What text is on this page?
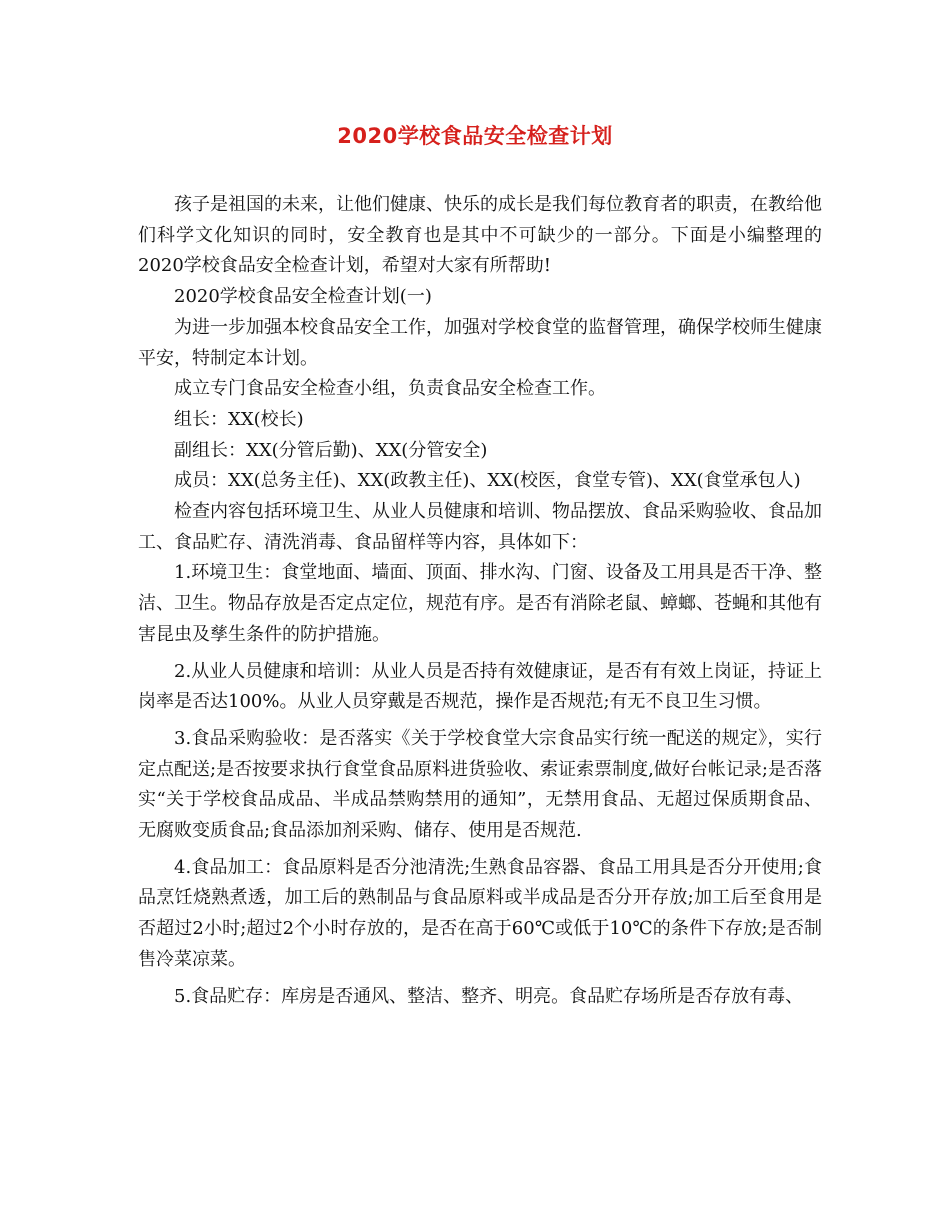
2020学校食品安全检查计划

孩子是祖国的未来，让他们健康、快乐的成长是我们每位教育者的职责，在教给他们科学文化知识的同时，安全教育也是其中不可缺少的一部分。下面是小编整理的2020学校食品安全检查计划，希望对大家有所帮助!

2020学校食品安全检查计划(一)

为进一步加强本校食品安全工作，加强对学校食堂的监督管理，确保学校师生健康平安，特制定本计划。

成立专门食品安全检查小组，负责食品安全检查工作。

组长：XX(校长)

副组长：XX(分管后勤)、XX(分管安全)

成员：XX(总务主任)、XX(政教主任)、XX(校医，食堂专管)、XX(食堂承包人)

检查内容包括环境卫生、从业人员健康和培训、物品摆放、食品采购验收、食品加工、食品贮存、清洗消毒、食品留样等内容，具体如下：

1.环境卫生：食堂地面、墙面、顶面、排水沟、门窗、设备及工用具是否干净、整洁、卫生。物品存放是否定点定位，规范有序。是否有消除老鼠、蟑螂、苍蝇和其他有害昆虫及孳生条件的防护措施。

2.从业人员健康和培训：从业人员是否持有效健康证，是否有有效上岗证，持证上岗率是否达100%。从业人员穿戴是否规范，操作是否规范;有无不良卫生习惯。

3.食品采购验收：是否落实《关于学校食堂大宗食品实行统一配送的规定》，实行定点配送;是否按要求执行食堂食品原料进货验收、索证索票制度,做好台帐记录;是否落实“关于学校食品成品、半成品禁购禁用的通知”，无禁用食品、无超过保质期食品、无腐败变质食品;食品添加剂采购、储存、使用是否规范.

4.食品加工：食品原料是否分池清洗;生熟食品容器、食品工用具是否分开使用;食品烹饪烧熟煮透，加工后的熟制品与食品原料或半成品是否分开存放;加工后至食用是否超过2小时;超过2个小时存放的，是否在高于60℃或低于10℃的条件下存放;是否制售冷菜凉菜。

5.食品贮存：库房是否通风、整洁、整齐、明亮。食品贮存场所是否存放有毒、
